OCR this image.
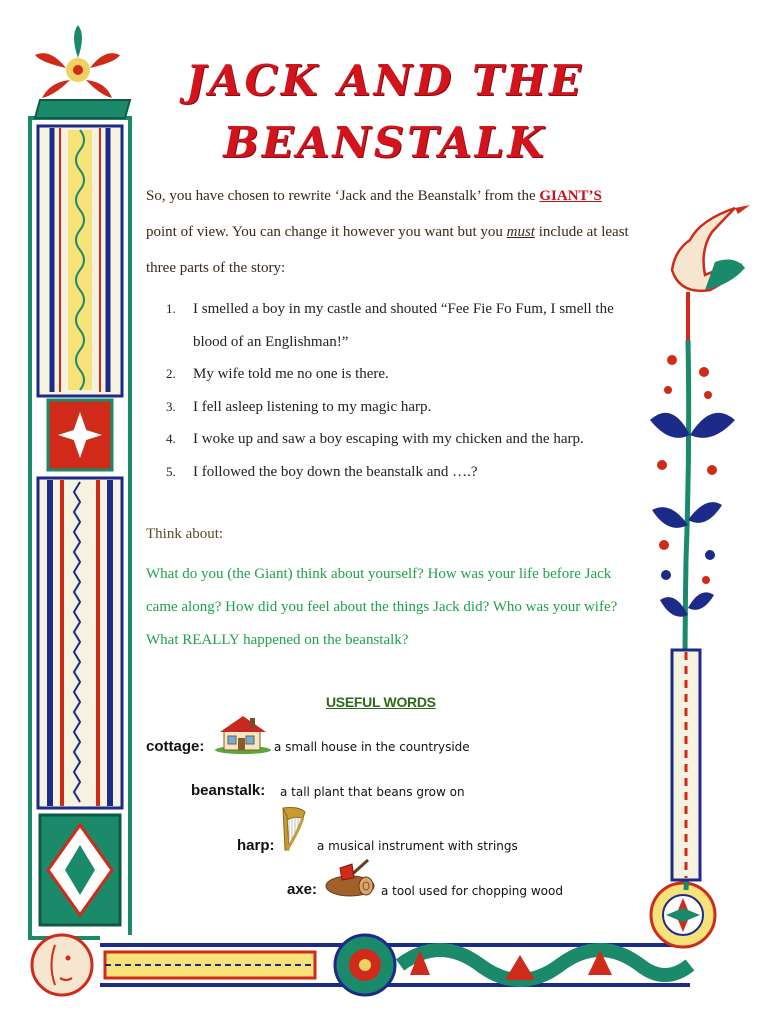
JACK AND THE
BEANSTALK
So, you have chosen to rewrite ‘Jack and the Beanstalk’ from the GIANT’S point of view. You can change it however you want but you must include at least three parts of the story:
1. I smelled a boy in my castle and shouted “Fee Fie Fo Fum, I smell the blood of an Englishman!”
2. My wife told me no one is there.
3. I fell asleep listening to my magic harp.
4. I woke up and saw a boy escaping with my chicken and the harp.
5. I followed the boy down the beanstalk and ….?
Think about:
What do you (the Giant) think about yourself? How was your life before Jack came along? How did you feel about the things Jack did? Who was your wife? What REALLY happened on the beanstalk?
USEFUL WORDS
cottage:	a small house in the countryside
beanstalk: a tall plant that beans grow on
harp:	a musical instrument with strings
axe:	a tool used for chopping wood
